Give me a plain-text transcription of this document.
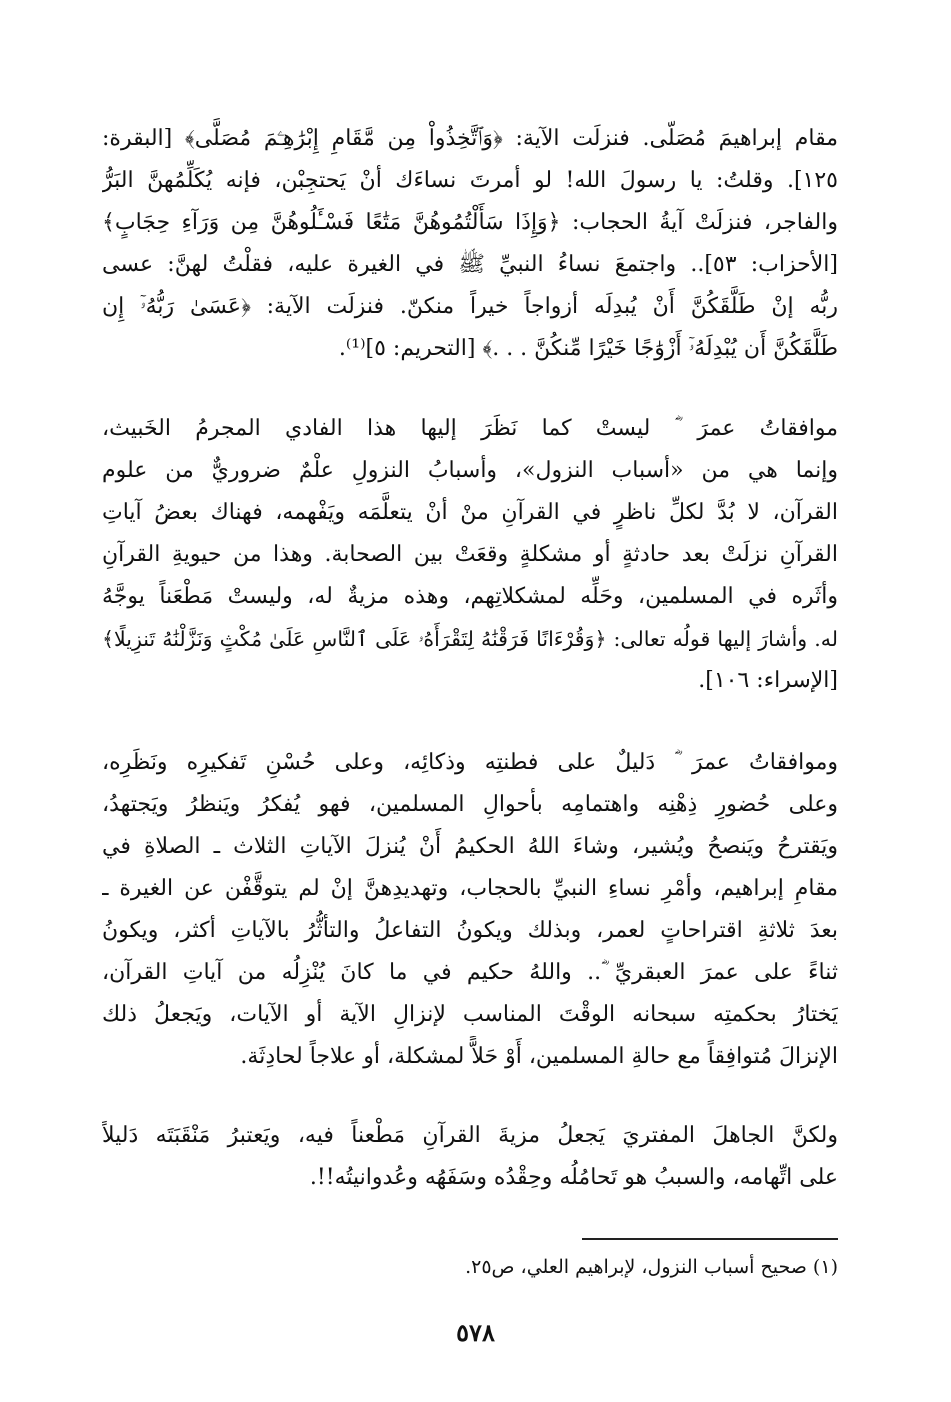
مقام إبراهيمَ مُصَلّى. فنزلَت الآية: ﴿وَٱتَّخِذُواْ مِن مَّقَامِ إِبْرَٰهِـۧمَ مُصَلًّى﴾ [البقرة:
١٢٥]. وقلتُ: يا رسولَ الله! لو أمرتَ نساءَك أنْ يَحتجِبْن، فإنه يُكَلِّمُهنَّ البَرُّ
والفاجر، فنزلَتْ آيةُ الحجاب: ﴿وَإِذَا سَأَلْتُمُوهُنَّ مَتَٰعًا فَسْـَٔلُوهُنَّ مِن وَرَآءِ حِجَابٍ﴾
[الأحزاب: ٥٣].. واجتمعَ نساءُ النبيِّ ﷺ في الغيرة عليه، فقلْتُ لهنَّ: عسى
ربُّه إنْ طَلَّقَكُنَّ أَنْ يُبدِلَه أزواجاً خيراً منكنّ. فنزلَت الآية: ﴿عَسَىٰ رَبُّهُۥٓ إِن
طَلَّقَكُنَّ أَن يُبْدِلَهُۥٓ أَزْوَٰجًا خَيْرًا مِّنكُنَّ . . .﴾ [التحريم: ٥]⁽¹⁾.
موافقاتُ عمرَ ؓ ليستْ كما نَظَرَ إليها هذا الفادي المجرمُ الخَبيث،
وإنما هي من «أسباب النزول»، وأسبابُ النزولِ علْمٌ ضروريٌّ من علوم
القرآن، لا بُدَّ لكلِّ ناظرٍ في القرآنِ منْ أنْ يتعلَّمَه ويَفْهمه، فهناك بعضُ آياتِ
القرآنِ نزلَتْ بعد حادثةٍ أو مشكلةٍ وقعَتْ بين الصحابة. وهذا من حيويةِ القرآنِ
وأثَره في المسلمين، وحَلِّه لمشكلاتِهم، وهذه مزيةٌ له، وليستْ مَطْعَناً يوجَّهُ
له. وأشارَ إليها قولُه تعالى: ﴿وَقُرْءَانًا فَرَقْنَٰهُ لِتَقْرَأَهُۥ عَلَى ٱلنَّاسِ عَلَىٰ مُكْثٍ وَنَزَّلْنَٰهُ تَنزِيلًا﴾
[الإسراء: ١٠٦].
وموافقاتُ عمرَ ؓ دَليلٌ على فطنتِه وذكائِه، وعلى حُسْنِ تَفكيرِه ونَظَرِه،
وعلى حُضورِ ذِهْنِه واهتمامِه بأحوالِ المسلمين، فهو يُفكرُ ويَنظرُ ويَجتهدُ،
ويَقترحُ ويَنصحُ ويُشير، وشاءَ اللهُ الحكيمُ أَنْ يُنزلَ الآياتِ الثلاث ـ الصلاةِ في
مقامِ إبراهيم، وأمْرِ نساءِ النبيِّ بالحجاب، وتهديدِهنَّ إنْ لم يتوقَّفْن عن الغيرة ـ
بعدَ ثلاثةِ اقتراحاتٍ لعمر، وبذلك ويكونُ التفاعلُ والتأثُّرُ بالآياتِ أكثر، ويكونُ
ثناءً على عمرَ العبقريِّ ؓ.. واللهُ حكيم في ما كانَ يُنْزِلُه من آياتِ القرآن،
يَختارُ بحكمتِه سبحانه الوقْتَ المناسب لإنزالِ الآية أو الآيات، ويَجعلُ ذلك
الإنزالَ مُتوافِقاً مع حالةِ المسلمين، أَوْ حَلاًّ لمشكلة، أو علاجاً لحادِثَة.
ولكنَّ الجاهلَ المفتريَ يَجعلُ مزيةَ القرآنِ مَطْعناً فيه، ويَعتبرُ مَنْقَبَتَه دَليلاً
على اتِّهامه، والسببُ هو تَحامُلُه وحِقْدُه وسَفَهُه وعُدوانيتُه!!.
(١) صحيح أسباب النزول، لإبراهيم العلي، ص٢٥.
٥٧٨
